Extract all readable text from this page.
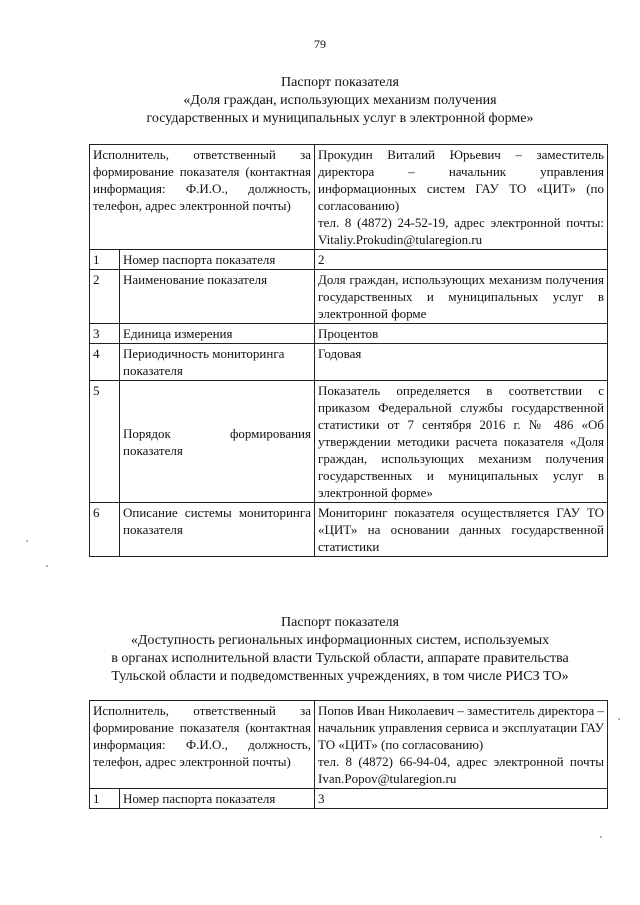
79
Паспорт показателя
«Доля граждан, использующих механизм получения
государственных и муниципальных услуг в электронной форме»
Исполнитель, ответственный за формирование показателя (контактная информация: Ф.И.О., должность, телефон, адрес электронной почты)		Прокудин Виталий Юрьевич – заместитель директора – начальник управления информационных систем ГАУ ТО «ЦИТ» (по согласованию)
тел. 8 (4872) 24-52-19, адрес электронной почты: Vitaliy.Prokudin@tularegion.ru
1	Номер паспорта показателя	2
2	Наименование показателя	Доля граждан, использующих механизм получения государственных и муниципальных услуг в электронной форме
3	Единица измерения	Процентов
4	Периодичность мониторинга показателя	Годовая
5	Порядок формирования показателя	Показатель определяется в соответствии с приказом Федеральной службы государственной статистики от 7 сентября 2016 г. № 486 «Об утверждении методики расчета показателя «Доля граждан, использующих механизм получения государственных и муниципальных услуг в электронной форме»
6	Описание системы мониторинга показателя	Мониторинг показателя осуществляется ГАУ ТО «ЦИТ» на основании данных государственной статистики
Паспорт показателя
«Доступность региональных информационных систем, используемых
в органах исполнительной власти Тульской области, аппарате правительства
Тульской области и подведомственных учреждениях, в том числе РИСЗ ТО»
Исполнитель, ответственный за формирование показателя (контактная информация: Ф.И.О., должность, телефон, адрес электронной почты)		Попов Иван Николаевич – заместитель директора – начальник управления сервиса и эксплуатации ГАУ ТО «ЦИТ» (по согласованию)
тел. 8 (4872) 66-94-04, адрес электронной почты Ivan.Popov@tularegion.ru
1	Номер паспорта показателя	3
